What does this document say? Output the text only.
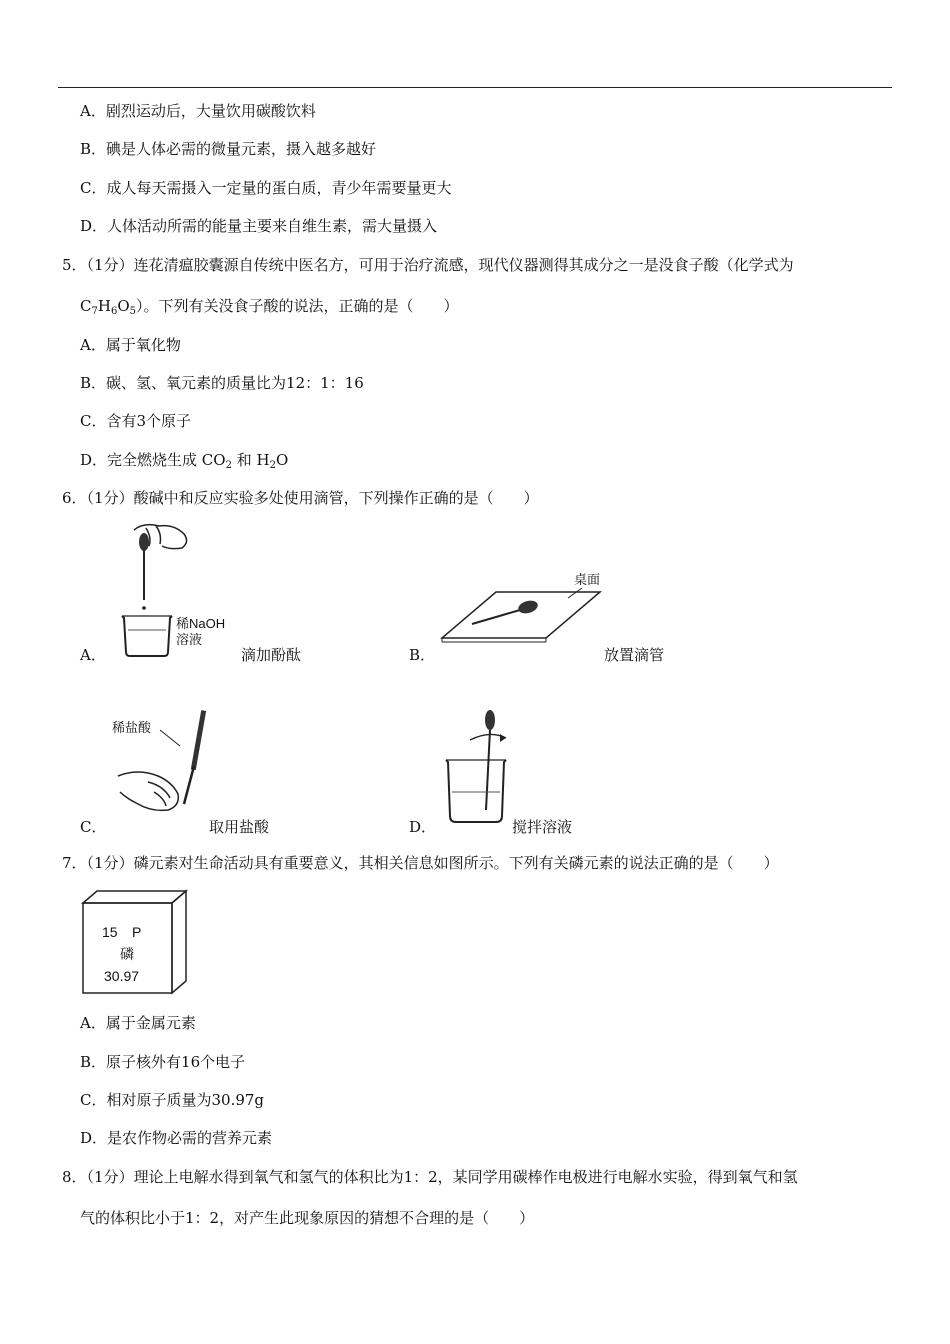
A．剧烈运动后，大量饮用碳酸饮料
B．碘是人体必需的微量元素，摄入越多越好
C．成人每天需摄入一定量的蛋白质，青少年需要量更大
D．人体活动所需的能量主要来自维生素，需大量摄入
5．（1分）连花清瘟胶囊源自传统中医名方，可用于治疗流感，现代仪器测得其成分之一是没食子酸（化学式为
$C_7H_6O_5$）。下列有关没食子酸的说法，正确的是（　　）
A．属于氧化物
B．碳、氢、氧元素的质量比为12：1：16
C．含有3个原子
D．完全燃烧生成 $CO_2$ 和 $H_2O$
6．（1分）酸碱中和反应实验多处使用滴管，下列操作正确的是（　　）
稀NaOH
溶液
A．	滴加酚酞
桌面
B．	放置滴管
稀盐酸
C．	取用盐酸	D．	搅拌溶液
7．（1分）磷元素对生命活动具有重要意义，其相关信息如图所示。下列有关磷元素的说法正确的是（　　）
15 P
磷
30.97
A．属于金属元素
B．原子核外有16个电子
C．相对原子质量为30.97g
D．是农作物必需的营养元素
8．（1分）理论上电解水得到氧气和氢气的体积比为1：2，某同学用碳棒作电极进行电解水实验，得到氧气和氢
气的体积比小于1：2，对产生此现象原因的猜想不合理的是（　　）
